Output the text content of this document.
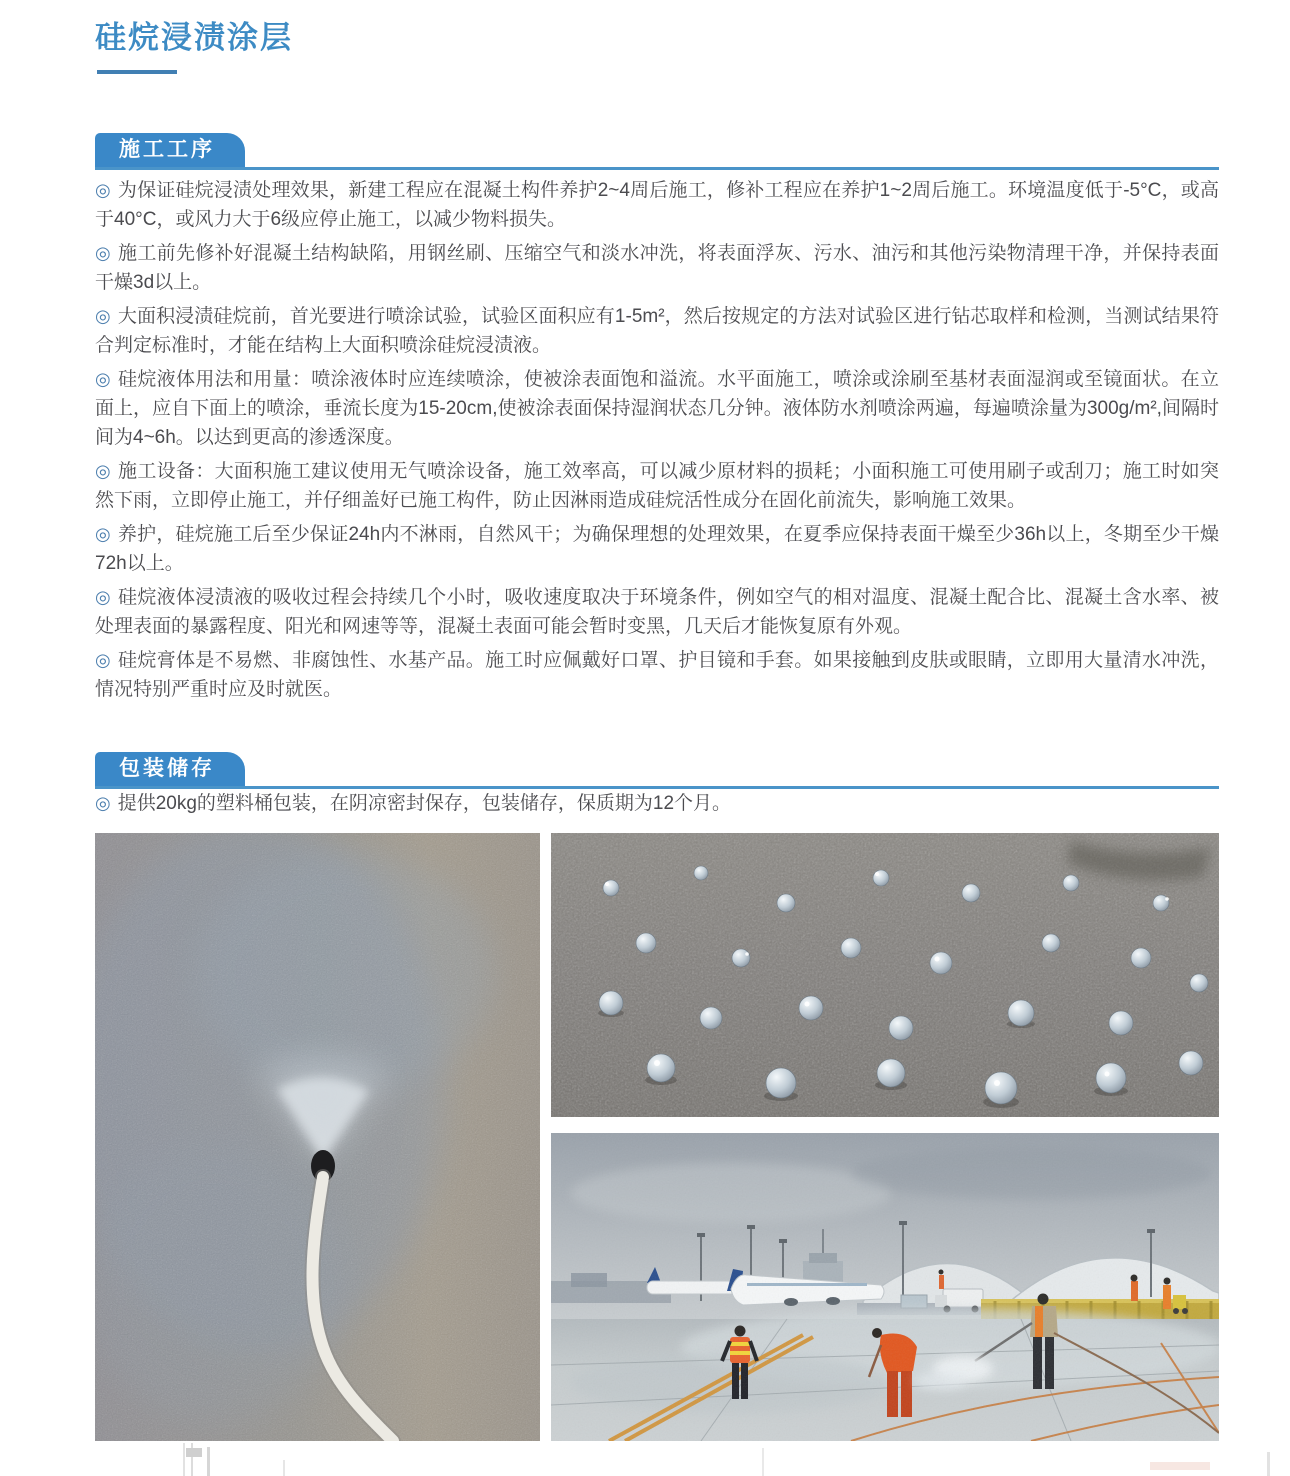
硅烷浸渍涂层
施工工序

◎ 为保证硅烷浸渍处理效果，新建工程应在混凝土构件养护2~4周后施工，修补工程应在养护1~2周后施工。环境温度低于-5°C，或高于40°C，或风力大于6级应停止施工，以减少物料损失。

◎ 施工前先修补好混凝土结构缺陷，用钢丝刷、压缩空气和淡水冲洗，将表面浮灰、污水、油污和其他污染物清理干净，并保持表面干燥3d以上。

◎ 大面积浸渍硅烷前，首光要进行喷涂试验，试验区面积应有1-5m²，然后按规定的方法对试验区进行钻芯取样和检测，当测试结果符合判定标准时，才能在结构上大面积喷涂硅烷浸渍液。

◎ 硅烷液体用法和用量：喷涂液体时应连续喷涂，使被涂表面饱和溢流。水平面施工，喷涂或涂刷至基材表面湿润或至镜面状。在立面上，应自下面上的喷涂，垂流长度为15-20cm,使被涂表面保持湿润状态几分钟。液体防水剂喷涂两遍，每遍喷涂量为300g/m²,间隔时间为4~6h。以达到更高的渗透深度。

◎ 施工设备：大面积施工建议使用无气喷涂设备，施工效率高，可以减少原材料的损耗；小面积施工可使用刷子或刮刀；施工时如突然下雨，立即停止施工，并仔细盖好已施工构件，防止因淋雨造成硅烷活性成分在固化前流失，影响施工效果。

◎ 养护，硅烷施工后至少保证24h内不淋雨，自然风干；为确保理想的处理效果，在夏季应保持表面干燥至少36h以上，冬期至少干燥72h以上。

◎ 硅烷液体浸渍液的吸收过程会持续几个小时，吸收速度取决于环境条件，例如空气的相对温度、混凝土配合比、混凝土含水率、被处理表面的暴露程度、阳光和网速等等，混凝土表面可能会暂时变黑，几天后才能恢复原有外观。

◎ 硅烷膏体是不易燃、非腐蚀性、水基产品。施工时应佩戴好口罩、护目镜和手套。如果接触到皮肤或眼睛，立即用大量清水冲洗，情况特别严重时应及时就医。

包装储存

◎ 提供20kg的塑料桶包装，在阴凉密封保存，包装储存，保质期为12个月。
